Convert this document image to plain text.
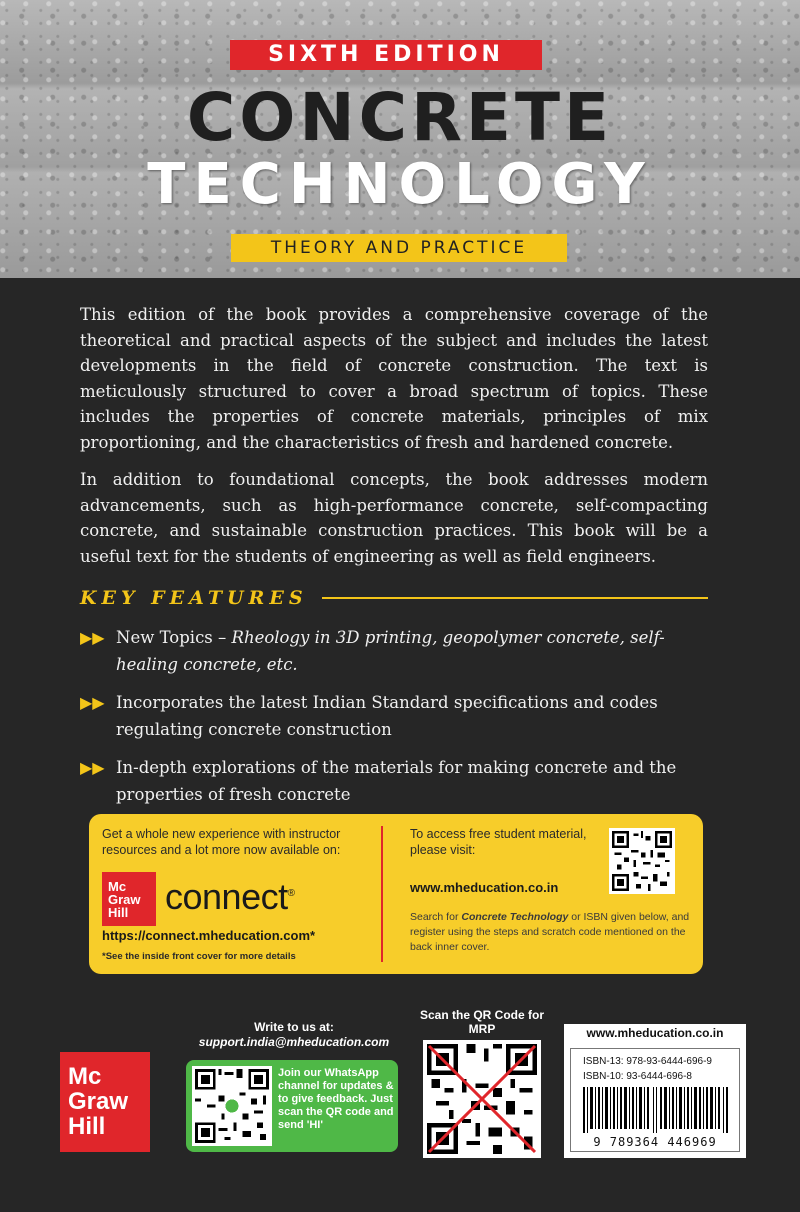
SIXTH EDITION
CONCRETE
TECHNOLOGY
THEORY AND PRACTICE

This edition of the book provides a comprehensive coverage of the theoretical and practical aspects of the subject and includes the latest developments in the field of concrete construction. The text is meticulously structured to cover a broad spectrum of topics. These includes the properties of concrete materials, principles of mix proportioning, and the characteristics of fresh and hardened concrete.

In addition to foundational concepts, the book addresses modern advancements, such as high-performance concrete, self-compacting concrete, and sustainable construction practices. This book will be a useful text for the students of engineering as well as field engineers.

KEY FEATURES
▶▶ New Topics – Rheology in 3D printing, geopolymer concrete, self-healing concrete, etc.
▶▶ Incorporates the latest Indian Standard specifications and codes regulating concrete construction
▶▶ In-depth explorations of the materials for making concrete and the properties of fresh concrete
Get a whole new experience with instructor resources and a lot more now available on:
Mc
Graw
Hill	connect®
https://connect.mheducation.com*
*See the inside front cover for more details
To access free student material, please visit:
www.mheducation.co.in
Search for Concrete Technology or ISBN given below, and register using the steps and scratch code mentioned on the back inner cover.
Mc
Graw
Hill
Write to us at:
support.india@mheducation.com
Join our WhatsApp channel for updates & to give feedback. Just scan the QR code and send 'HI'
Scan the QR Code for MRP	www.mheducation.co.in
ISBN-13: 978-93-6444-696-9
ISBN-10: 93-6444-696-8
9 789364 446969
